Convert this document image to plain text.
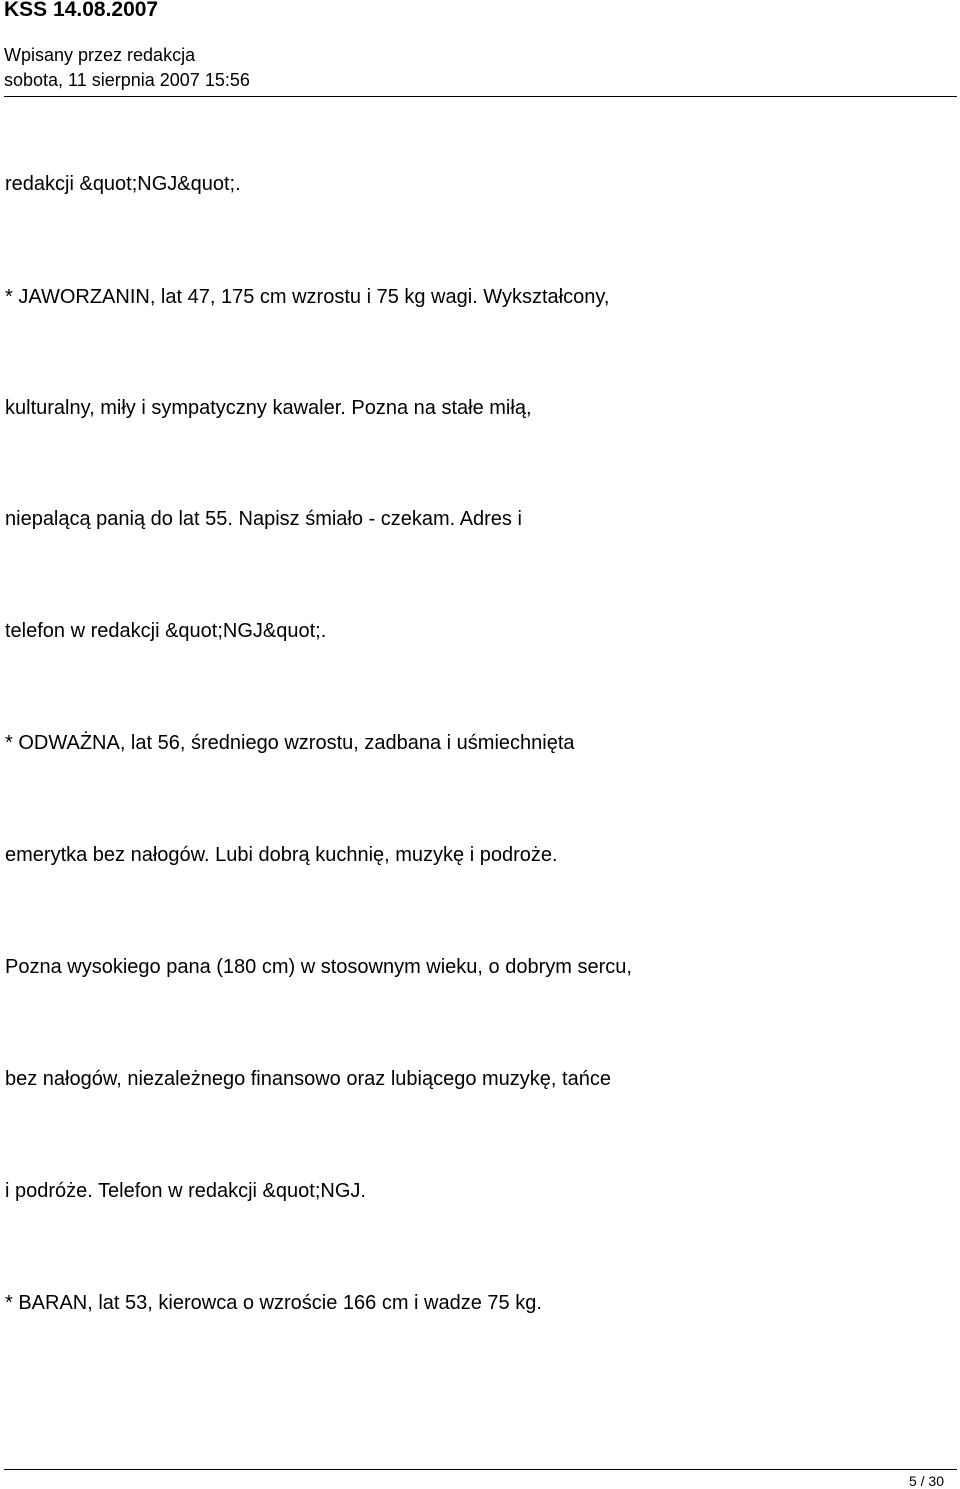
KSS 14.08.2007
Wpisany przez redakcja
sobota, 11 sierpnia 2007 15:56
redakcji &quot;NGJ&quot;.
* JAWORZANIN, lat 47, 175 cm wzrostu i 75 kg wagi. Wykształcony,
kulturalny, miły i sympatyczny kawaler. Pozna na stałe miłą,
niepalącą panią do lat 55. Napisz śmiało - czekam. Adres i
telefon w redakcji &quot;NGJ&quot;.
* ODWAŻNA, lat 56, średniego wzrostu, zadbana i uśmiechnięta
emerytka bez nałogów. Lubi dobrą kuchnię, muzykę i podroże.
Pozna wysokiego pana (180 cm) w stosownym wieku, o dobrym sercu,
bez nałogów, niezależnego finansowo oraz lubiącego muzykę, tańce
i podróże. Telefon w redakcji &quot;NGJ.
* BARAN, lat 53, kierowca o wzroście 166 cm i wadze 75 kg.
5 / 30
